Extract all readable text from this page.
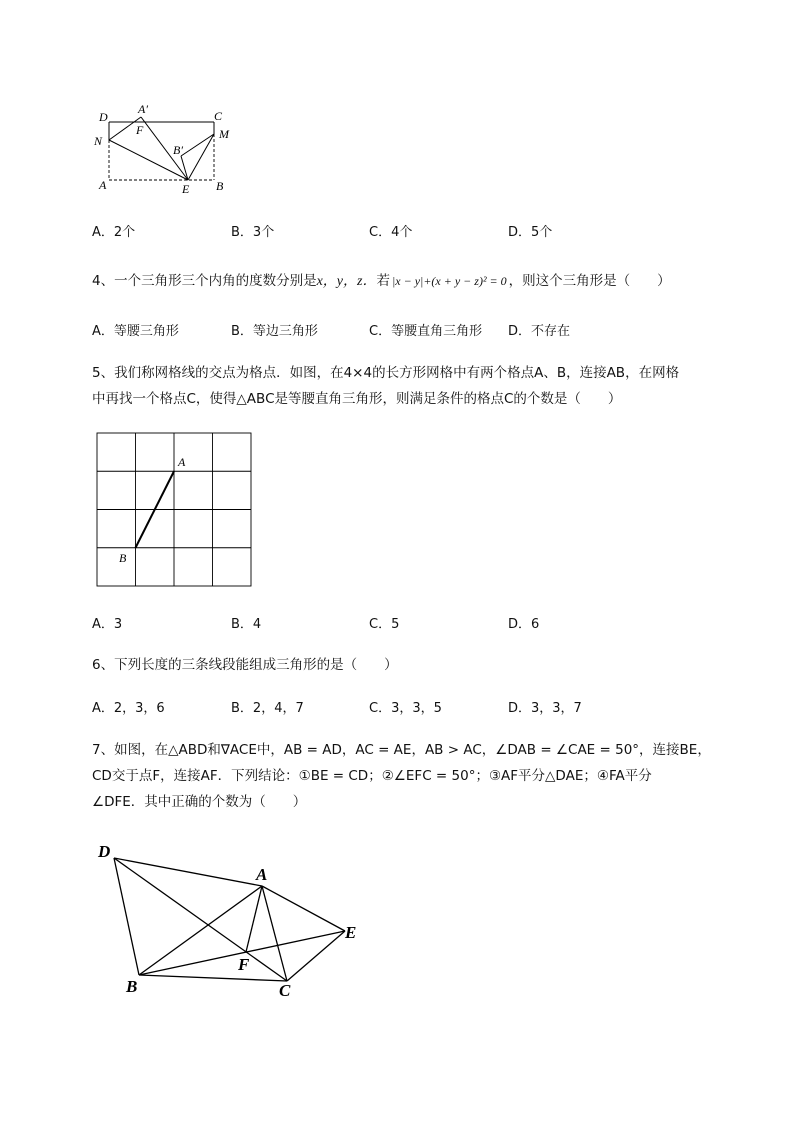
D
A′	C
F	M
N
B′
A	E B
A．2个	B．3个	C．4个	D．5个
4、一个三角形三个内角的度数分别是x，y，z．若 |x − y|+(x + y − z)² = 0 ，则这个三角形是（　　）
A．等腰三角形	B．等边三角形	C．等腰直角三角形 D．不存在
5、我们称网格线的交点为格点．如图，在4×4的长方形网格中有两个格点A、B，连接AB，在网格
中再找一个格点C，使得△ABC是等腰直角三角形，则满足条件的格点C的个数是（　　）
A
B
A．3	B．4	C．5	D．6
6、下列长度的三条线段能组成三角形的是（　　）
A．2，3，6	B．2，4，7	C．3，3，5	D．3，3，7
7、如图，在△ABD和∇ACE中，AB = AD，AC = AE，AB > AC，∠DAB = ∠CAE = 50°，连接BE，
CD交于点F，连接AF．下列结论：①BE = CD；②∠EFC = 50°；③AF平分△DAE；④FA平分
∠DFE．其中正确的个数为（　　）
D
A
E
F
B	C
